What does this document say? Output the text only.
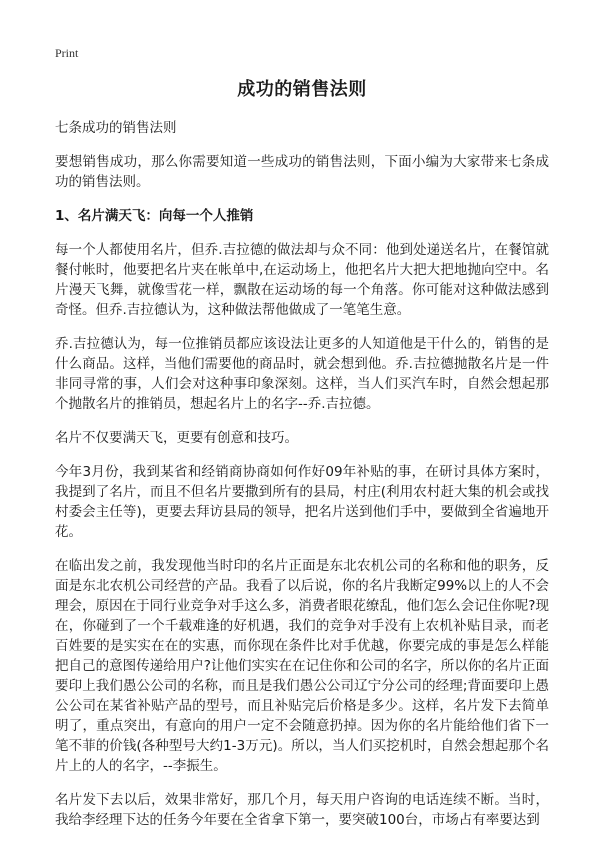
Print
成功的销售法则
七条成功的销售法则
要想销售成功，那么你需要知道一些成功的销售法则，下面小编为大家带来七条成功的销售法则。
1、名片满天飞：向每一个人推销
每一个人都使用名片，但乔.吉拉德的做法却与众不同：他到处递送名片，在餐馆就餐付帐时，他要把名片夹在帐单中,在运动场上，他把名片大把大把地抛向空中。名片漫天飞舞，就像雪花一样，飘散在运动场的每一个角落。你可能对这种做法感到奇怪。但乔.吉拉德认为，这种做法帮他做成了一笔笔生意。
乔.吉拉德认为，每一位推销员都应该设法让更多的人知道他是干什么的，销售的是什么商品。这样，当他们需要他的商品时，就会想到他。乔.吉拉德抛散名片是一件非同寻常的事，人们会对这种事印象深刻。这样，当人们买汽车时，自然会想起那个抛散名片的推销员，想起名片上的名字--乔.吉拉德。
名片不仅要满天飞，更要有创意和技巧。
今年3月份，我到某省和经销商协商如何作好09年补贴的事，在研讨具体方案时，我提到了名片，而且不但名片要撒到所有的县局，村庄(利用农村赶大集的机会或找村委会主任等)，更要去拜访县局的领导，把名片送到他们手中，要做到全省遍地开花。
在临出发之前，我发现他当时印的名片正面是东北农机公司的名称和他的职务，反面是东北农机公司经营的产品。我看了以后说，你的名片我断定99%以上的人不会理会，原因在于同行业竞争对手这么多，消费者眼花缭乱，他们怎么会记住你呢?现在，你碰到了一个千载难逢的好机遇，我们的竞争对手没有上农机补贴目录，而老百姓要的是实实在在的实惠，而你现在条件比对手优越，你要完成的事是怎么样能把自己的意图传递给用户?让他们实实在在记住你和公司的名字，所以你的名片正面要印上我们愚公公司的名称，而且是我们愚公公司辽宁分公司的经理;背面要印上愚公公司在某省补贴产品的型号，而且补贴完后价格是多少。这样，名片发下去简单明了，重点突出，有意向的用户一定不会随意扔掉。因为你的名片能给他们省下一笔不菲的价钱(各种型号大约1-3万元)。所以，当人们买挖机时，自然会想起那个名片上的人的名字，--李振生。
名片发下去以后，效果非常好，那几个月，每天用户咨询的电话连续不断。当时，我给李经理下达的任务今年要在全省拿下第一，要突破100台，市场占有率要达到
